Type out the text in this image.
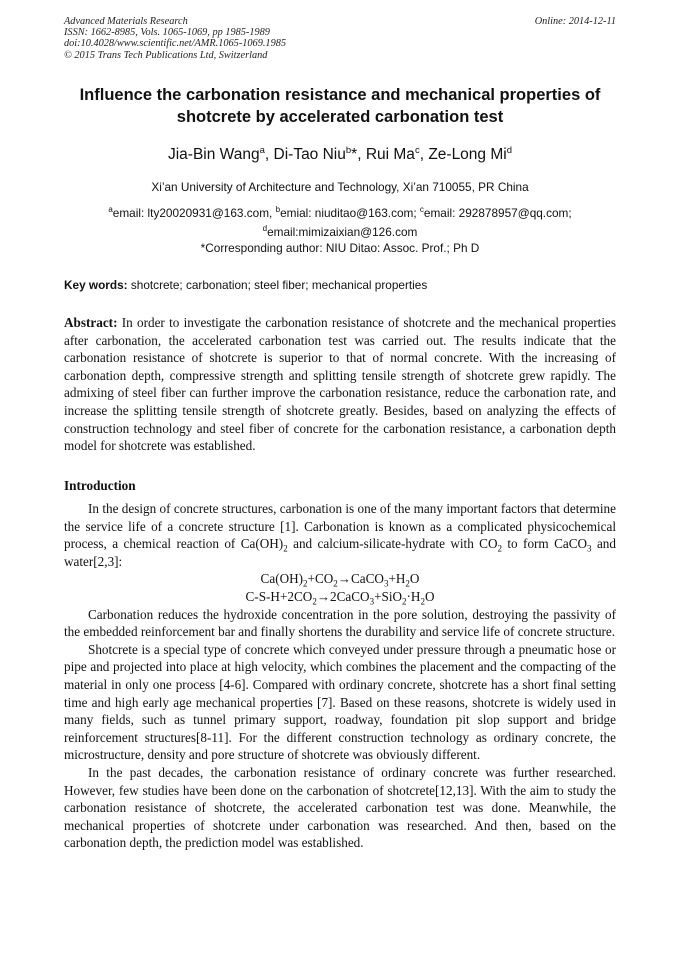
Advanced Materials Research
ISSN: 1662-8985, Vols. 1065-1069, pp 1985-1989
doi:10.4028/www.scientific.net/AMR.1065-1069.1985
© 2015 Trans Tech Publications Ltd, Switzerland
Online: 2014-12-11
Influence the carbonation resistance and mechanical properties of
shotcrete by accelerated carbonation test
Jia-Bin Wang$^a$, Di-Tao Niu$^b$*, Rui Ma$^c$, Ze-Long Mi$^d$
Xi’an University of Architecture and Technology, Xi’an 710055, PR China
$^a$email: lty20020931@163.com, $^b$emial: niuditao@163.com; $^c$email: 292878957@qq.com;
$^d$email:mimizaixian@126.com
*Corresponding author: NIU Ditao: Assoc. Prof.; Ph D
Key words: shotcrete; carbonation; steel fiber; mechanical properties
Abstract: In order to investigate the carbonation resistance of shotcrete and the mechanical properties after carbonation, the accelerated carbonation test was carried out. The results indicate that the carbonation resistance of shotcrete is superior to that of normal concrete. With the increasing of carbonation depth, compressive strength and splitting tensile strength of shotcrete grew rapidly. The admixing of steel fiber can further improve the carbonation resistance, reduce the carbonation rate, and increase the splitting tensile strength of shotcrete greatly. Besides, based on analyzing the effects of construction technology and steel fiber of concrete for the carbonation resistance, a carbonation depth model for shotcrete was established.
Introduction

In the design of concrete structures, carbonation is one of the many important factors that determine the service life of a concrete structure [1]. Carbonation is known as a complicated physicochemical process, a chemical reaction of $Ca(OH)_2$ and calcium-silicate-hydrate with $CO_2$ to form CaCO$_3$ and water[2,3]:

$Ca(OH)_2+CO_2\to CaCO_3+H_2O$

$C-S-H+2CO_2\to 2CaCO_3+SiO_2\cdot H_2O$

Carbonation reduces the hydroxide concentration in the pore solution, destroying the passivity of the embedded reinforcement bar and finally shortens the durability and service life of concrete structure.

Shotcrete is a special type of concrete which conveyed under pressure through a pneumatic hose or pipe and projected into place at high velocity, which combines the placement and the compacting of the material in only one process [4-6]. Compared with ordinary concrete, shotcrete has a short final setting time and high early age mechanical properties [7]. Based on these reasons, shotcrete is widely used in many fields, such as tunnel primary support, roadway, foundation pit slop support and bridge reinforcement structures[8-11]. For the different construction technology as ordinary concrete, the microstructure, density and pore structure of shotcrete was obviously different.

In the past decades, the carbonation resistance of ordinary concrete was further researched. However, few studies have been done on the carbonation of shotcrete[12,13]. With the aim to study the carbonation resistance of shotcrete, the accelerated carbonation test was done. Meanwhile, the mechanical properties of shotcrete under carbonation was researched. And then, based on the carbonation depth, the prediction model was established.
